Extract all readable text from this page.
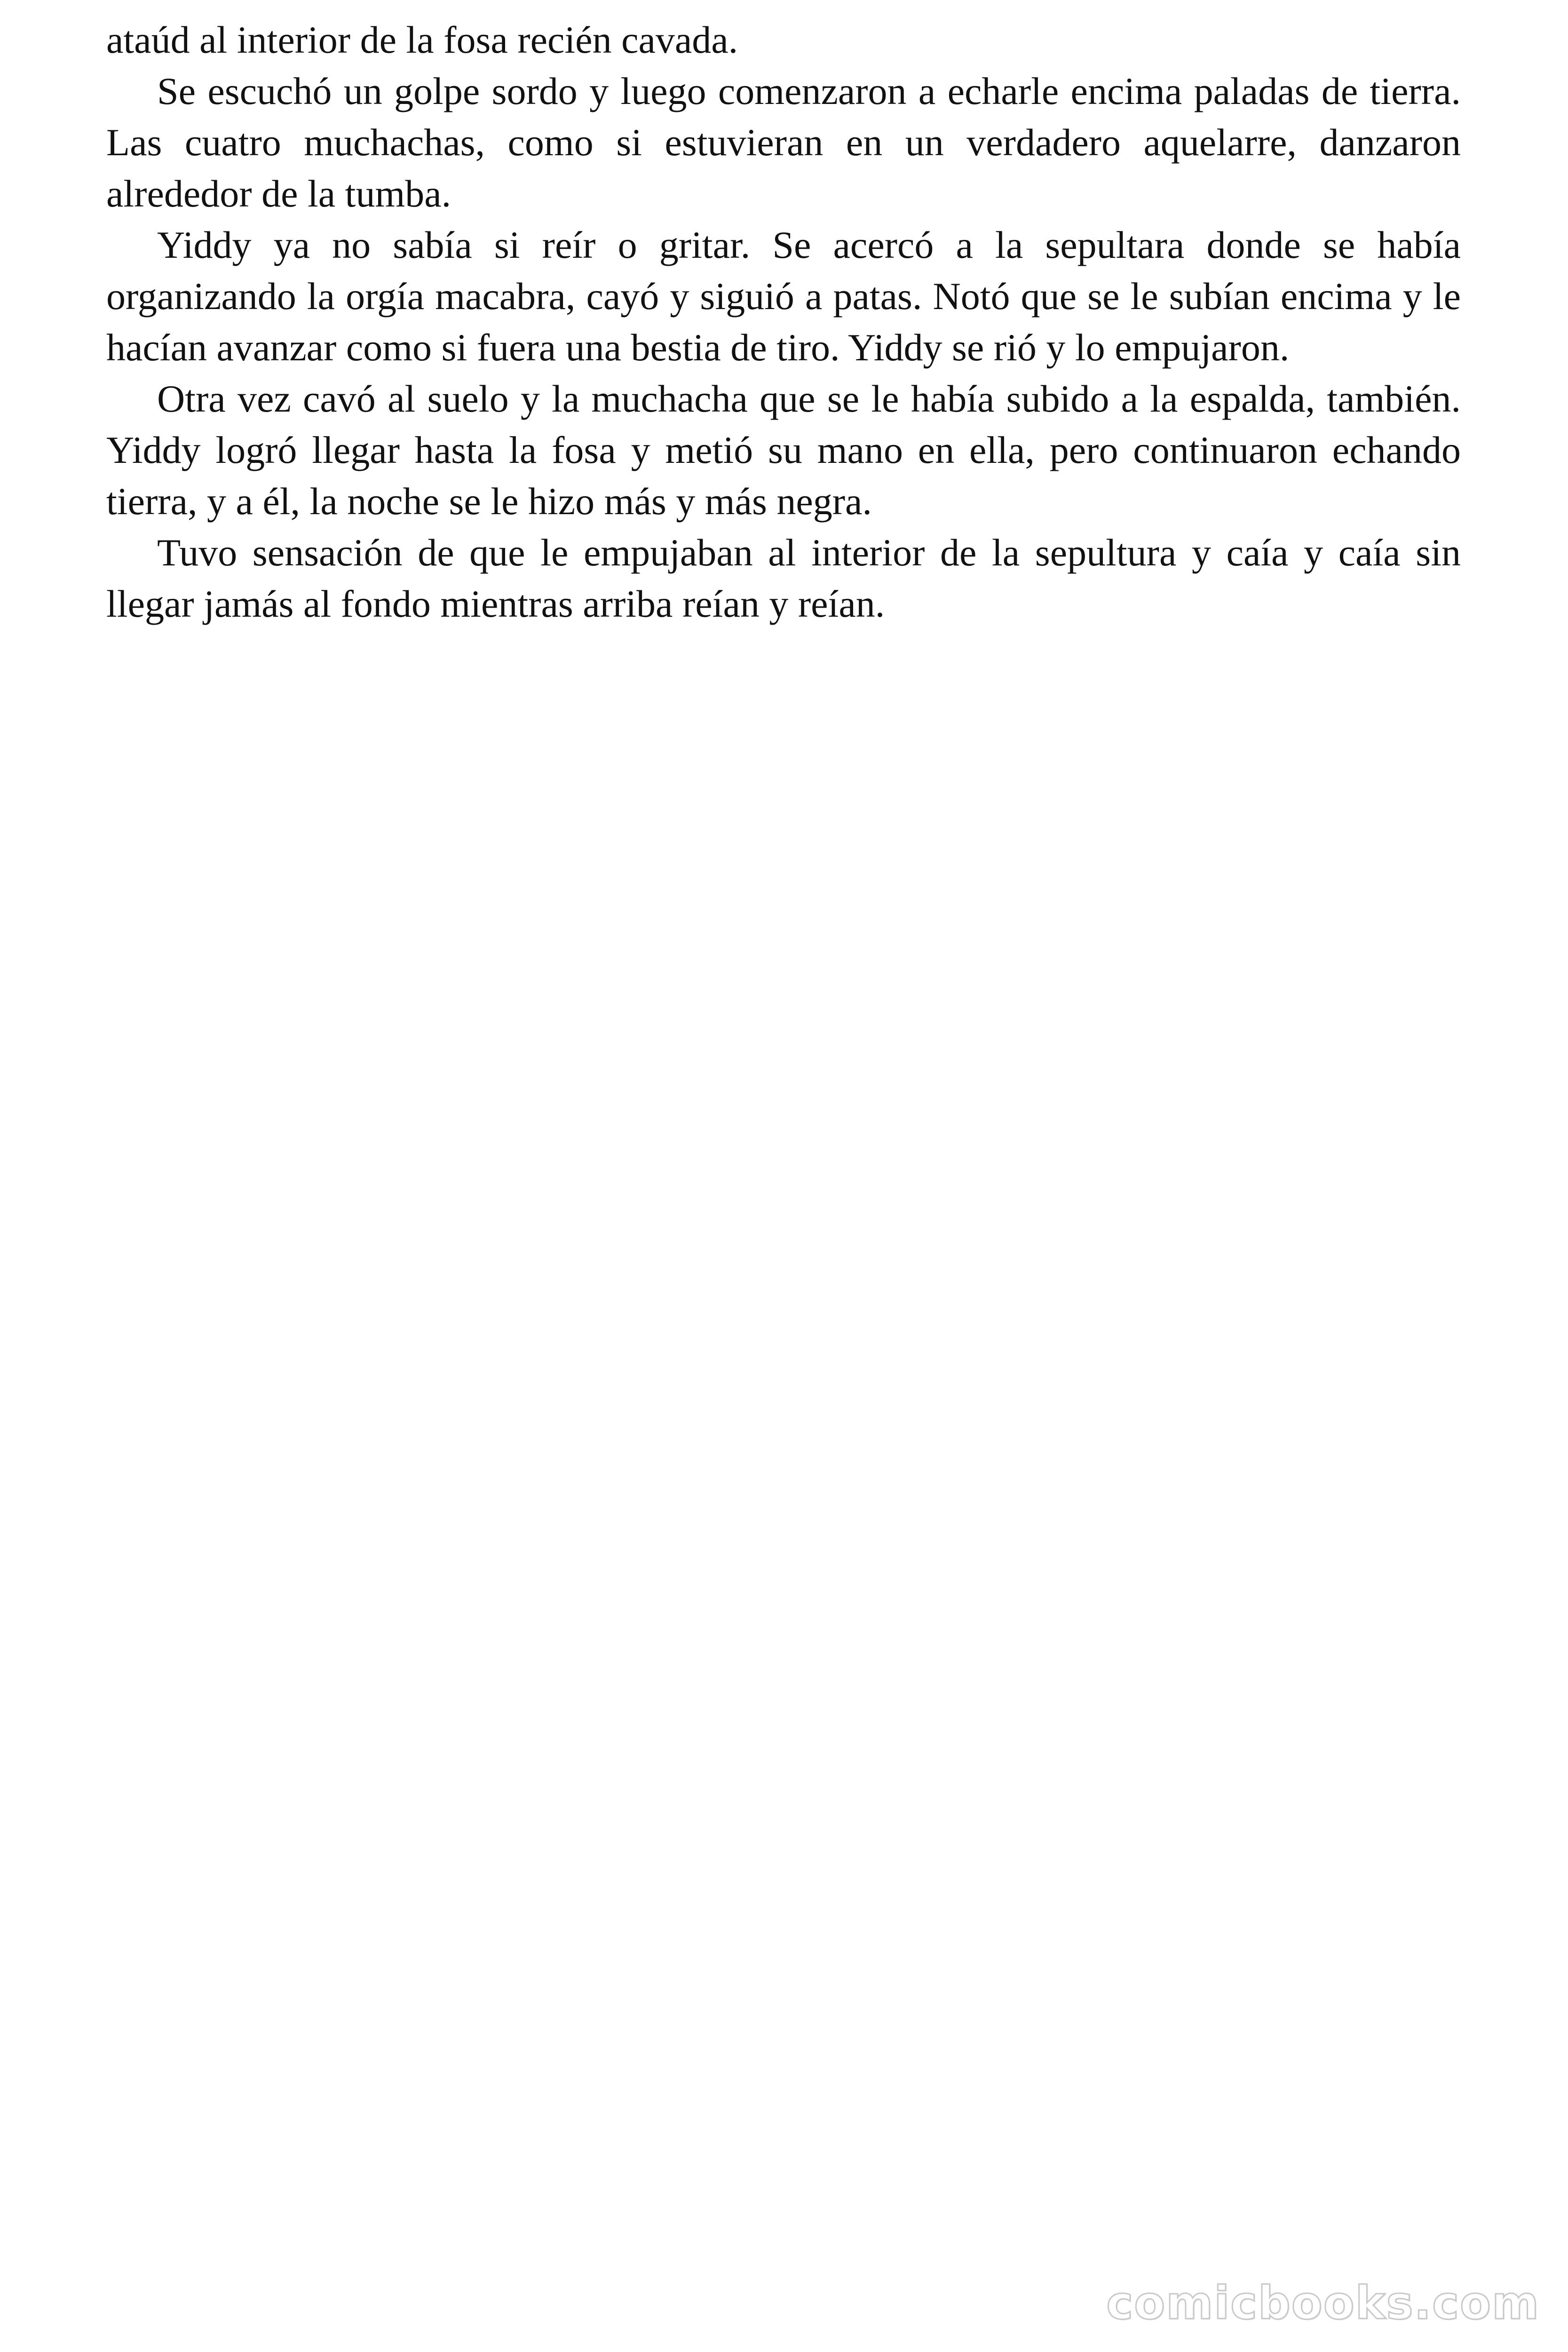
ataúd al interior de la fosa recién cavada.

Se escuchó un golpe sordo y luego comenzaron a echarle encima paladas de tierra. Las cuatro muchachas, como si estuvieran en un verdadero aquelarre, danzaron alrededor de la tumba.

Yiddy ya no sabía si reír o gritar. Se acercó a la sepultara donde se había organizando la orgía macabra, cayó y siguió a patas. Notó que se le subían encima y le hacían avanzar como si fuera una bestia de tiro. Yiddy se rió y lo empujaron.

Otra vez cavó al suelo y la muchacha que se le había subido a la espalda, también. Yiddy logró llegar hasta la fosa y metió su mano en ella, pero continuaron echando tierra, y a él, la noche se le hizo más y más negra.

Tuvo sensación de que le empujaban al interior de la sepultura y caía y caía sin llegar jamás al fondo mientras arriba reían y reían.

comicbooks.com
